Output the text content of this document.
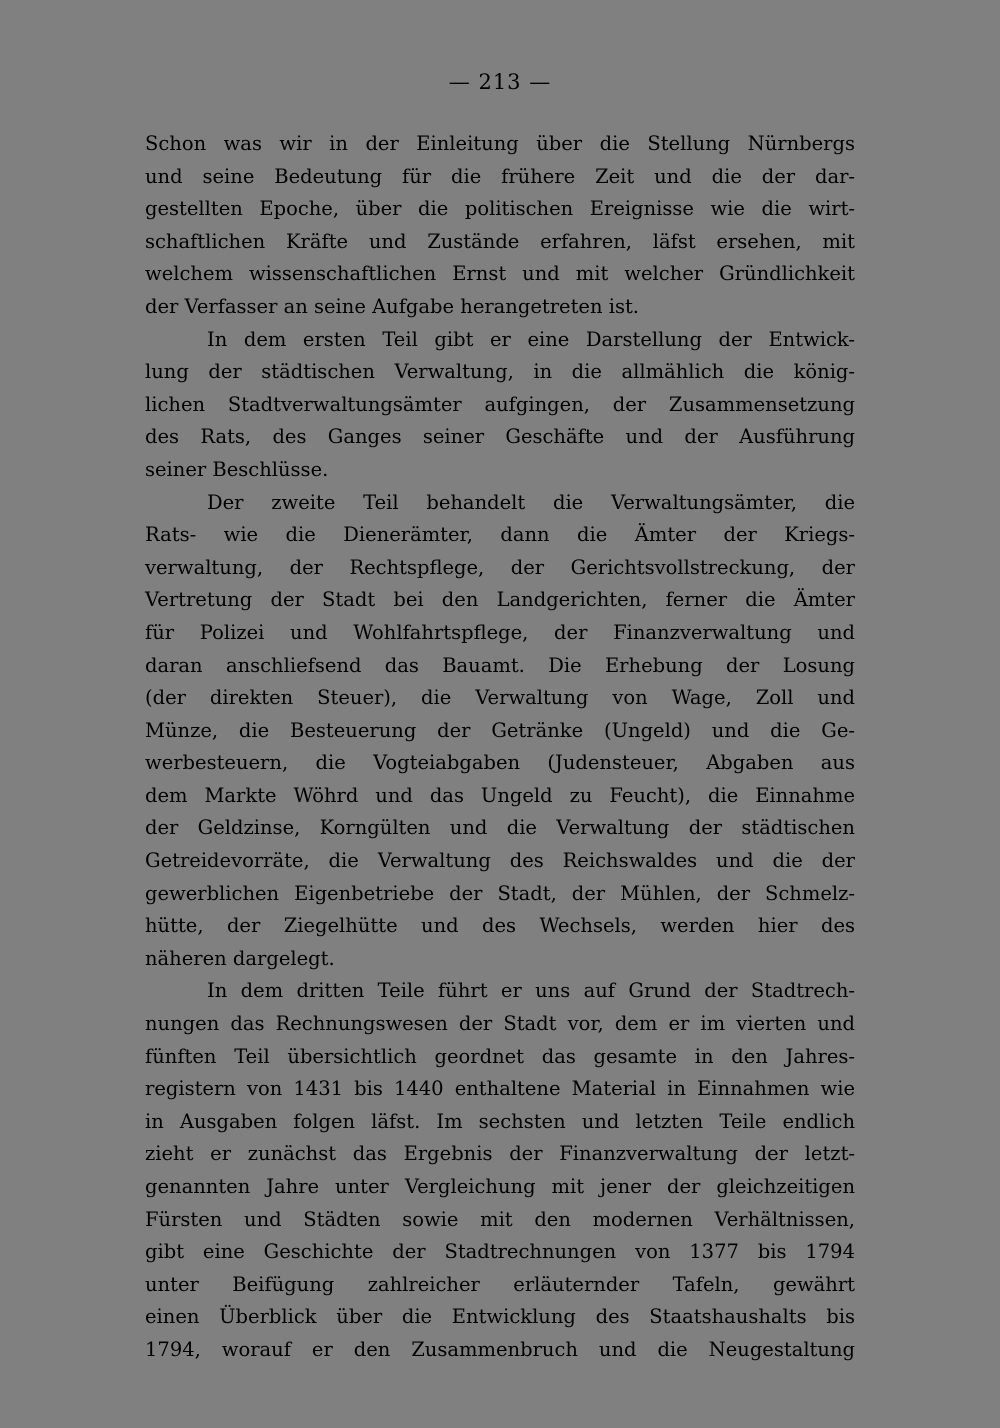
— 213 —
Schon was wir in der Einleitung über die Stellung Nürnbergs
und seine Bedeutung für die frühere Zeit und die der dar-
gestellten Epoche, über die politischen Ereignisse wie die wirt-
schaftlichen Kräfte und Zustände erfahren, läfst ersehen, mit
welchem wissenschaftlichen Ernst und mit welcher Gründlichkeit
der Verfasser an seine Aufgabe herangetreten ist.
In dem ersten Teil gibt er eine Darstellung der Entwick-
lung der städtischen Verwaltung, in die allmählich die könig-
lichen Stadtverwaltungsämter aufgingen, der Zusammensetzung
des Rats, des Ganges seiner Geschäfte und der Ausführung
seiner Beschlüsse.
Der zweite Teil behandelt die Verwaltungsämter, die
Rats- wie die Dienerämter, dann die Ämter der Kriegs-
verwaltung, der Rechtspflege, der Gerichtsvollstreckung, der
Vertretung der Stadt bei den Landgerichten, ferner die Ämter
für Polizei und Wohlfahrtspflege, der Finanzverwaltung und
daran anschliefsend das Bauamt. Die Erhebung der Losung
(der direkten Steuer), die Verwaltung von Wage, Zoll und
Münze, die Besteuerung der Getränke (Ungeld) und die Ge-
werbesteuern, die Vogteiabgaben (Judensteuer, Abgaben aus
dem Markte Wöhrd und das Ungeld zu Feucht), die Einnahme
der Geldzinse, Korngülten und die Verwaltung der städtischen
Getreidevorräte, die Verwaltung des Reichswaldes und die der
gewerblichen Eigenbetriebe der Stadt, der Mühlen, der Schmelz-
hütte, der Ziegelhütte und des Wechsels, werden hier des
näheren dargelegt.
In dem dritten Teile führt er uns auf Grund der Stadtrech-
nungen das Rechnungswesen der Stadt vor, dem er im vierten und
fünften Teil übersichtlich geordnet das gesamte in den Jahres-
registern von 1431 bis 1440 enthaltene Material in Einnahmen wie
in Ausgaben folgen läfst. Im sechsten und letzten Teile endlich
zieht er zunächst das Ergebnis der Finanzverwaltung der letzt-
genannten Jahre unter Vergleichung mit jener der gleichzeitigen
Fürsten und Städten sowie mit den modernen Verhältnissen,
gibt eine Geschichte der Stadtrechnungen von 1377 bis 1794
unter Beifügung zahlreicher erläuternder Tafeln, gewährt
einen Überblick über die Entwicklung des Staatshaushalts bis
1794, worauf er den Zusammenbruch und die Neugestaltung
